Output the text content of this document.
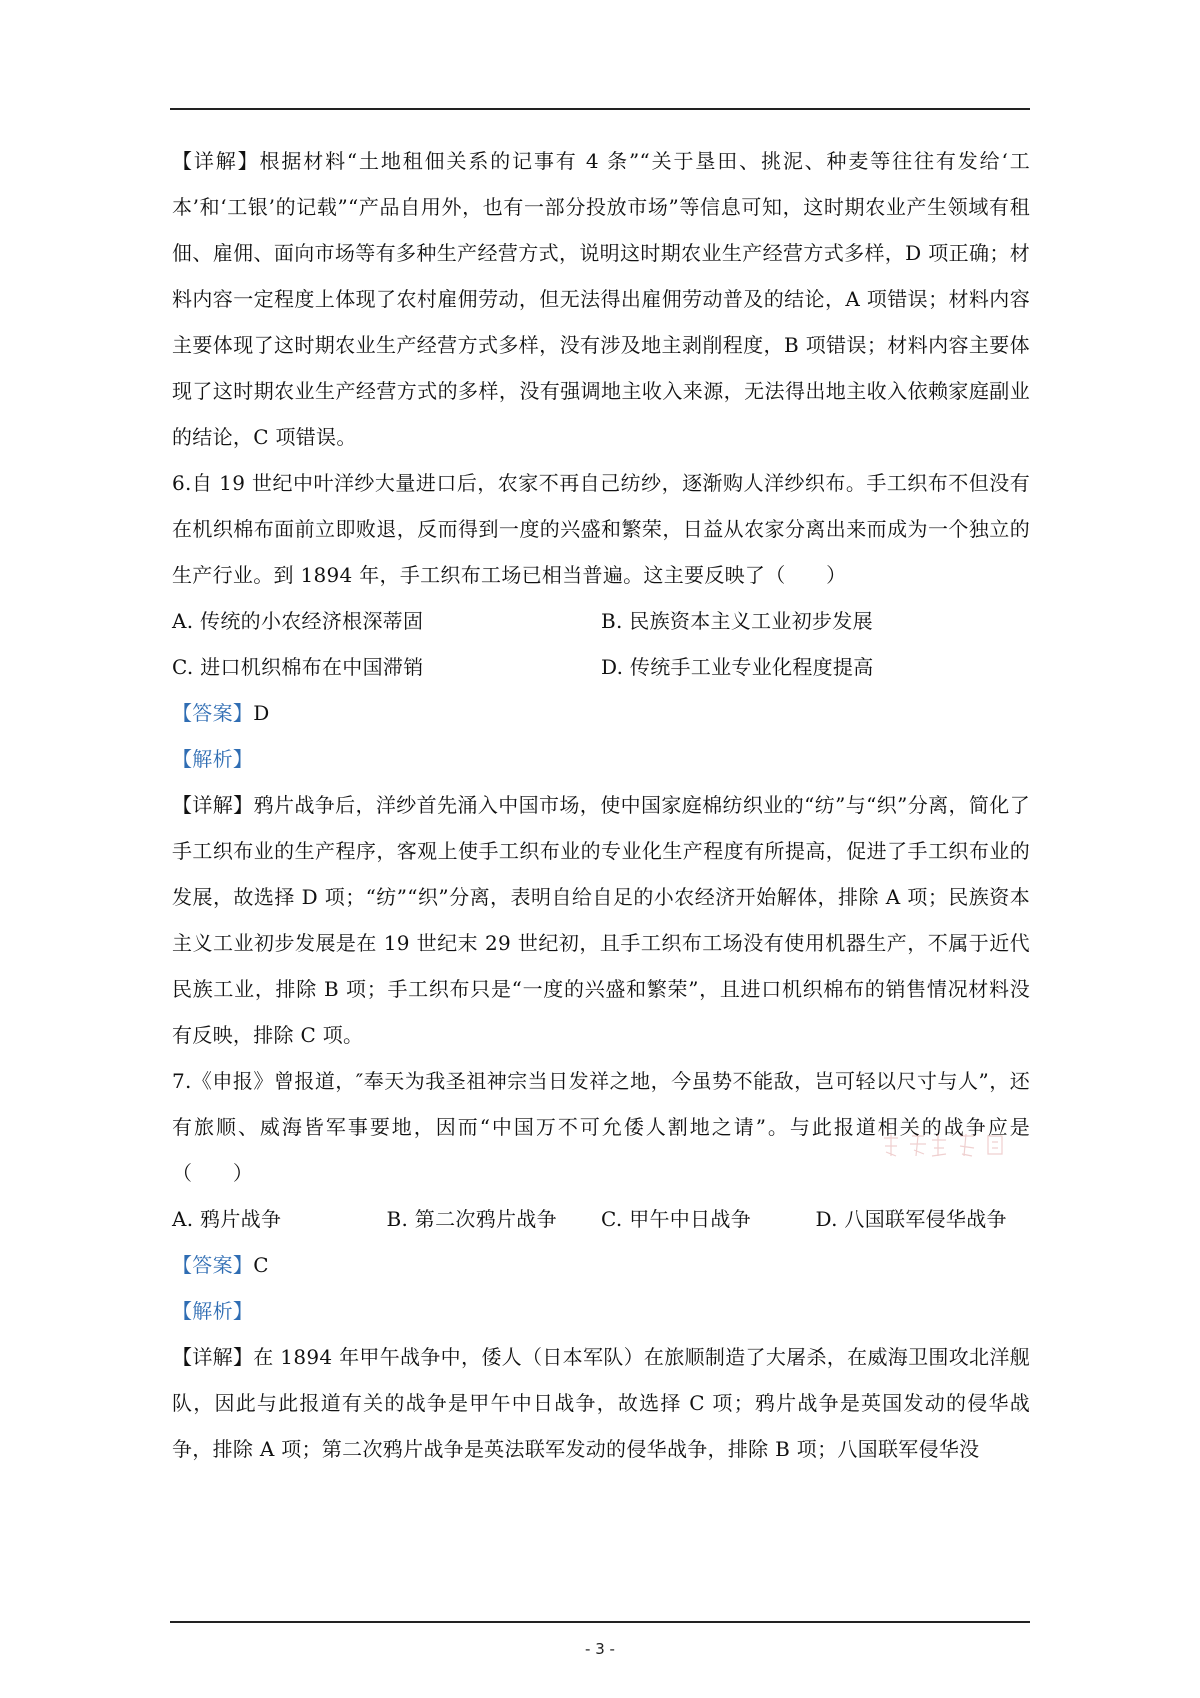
【详解】根据材料“土地租佃关系的记事有 4 条”“关于垦田、挑泥、种麦等往往有发给‘工本’和‘工银’的记载”“产品自用外，也有一部分投放市场”等信息可知，这时期农业产生领域有租佃、雇佣、面向市场等有多种生产经营方式，说明这时期农业生产经营方式多样，D 项正确；材料内容一定程度上体现了农村雇佣劳动，但无法得出雇佣劳动普及的结论，A 项错误；材料内容主要体现了这时期农业生产经营方式多样，没有涉及地主剥削程度，B 项错误；材料内容主要体现了这时期农业生产经营方式的多样，没有强调地主收入来源，无法得出地主收入依赖家庭副业的结论，C 项错误。

6.自 19 世纪中叶洋纱大量进口后，农家不再自己纺纱，逐渐购人洋纱织布。手工织布不但没有在机织棉布面前立即败退，反而得到一度的兴盛和繁荣，日益从农家分离出来而成为一个独立的生产行业。到 1894 年，手工织布工场已相当普遍。这主要反映了（　　）

A. 传统的小农经济根深蒂固	B. 民族资本主义工业初步发展
C. 进口机织棉布在中国滞销	D. 传统手工业专业化程度提高

【答案】D

【解析】

【详解】鸦片战争后，洋纱首先涌入中国市场，使中国家庭棉纺织业的“纺”与“织”分离，简化了手工织布业的生产程序，客观上使手工织布业的专业化生产程度有所提高，促进了手工织布业的发展，故选择 D 项；“纺”“织”分离，表明自给自足的小农经济开始解体，排除 A 项；民族资本主义工业初步发展是在 19 世纪末 29 世纪初，且手工织布工场没有使用机器生产，不属于近代民族工业，排除 B 项；手工织布只是“一度的兴盛和繁荣”，且进口机织棉布的销售情况材料没有反映，排除 C 项。

7.《申报》曾报道，″奉天为我圣祖神宗当日发祥之地，今虽势不能敌，岂可轻以尺寸与人”，还有旅顺、威海皆军事要地，因而“中国万不可允倭人割地之请”。与此报道相关的战争应是（　　）

A. 鸦片战争	B. 第二次鸦片战争	C. 甲午中日战争	D. 八国联军侵华战争

【答案】C

【解析】

【详解】在 1894 年甲午战争中，倭人（日本军队）在旅顺制造了大屠杀，在威海卫围攻北洋舰队，因此与此报道有关的战争是甲午中日战争，故选择 C 项；鸦片战争是英国发动的侵华战争，排除 A 项；第二次鸦片战争是英法联军发动的侵华战争，排除 B 项；八国联军侵华没

- 3 -
